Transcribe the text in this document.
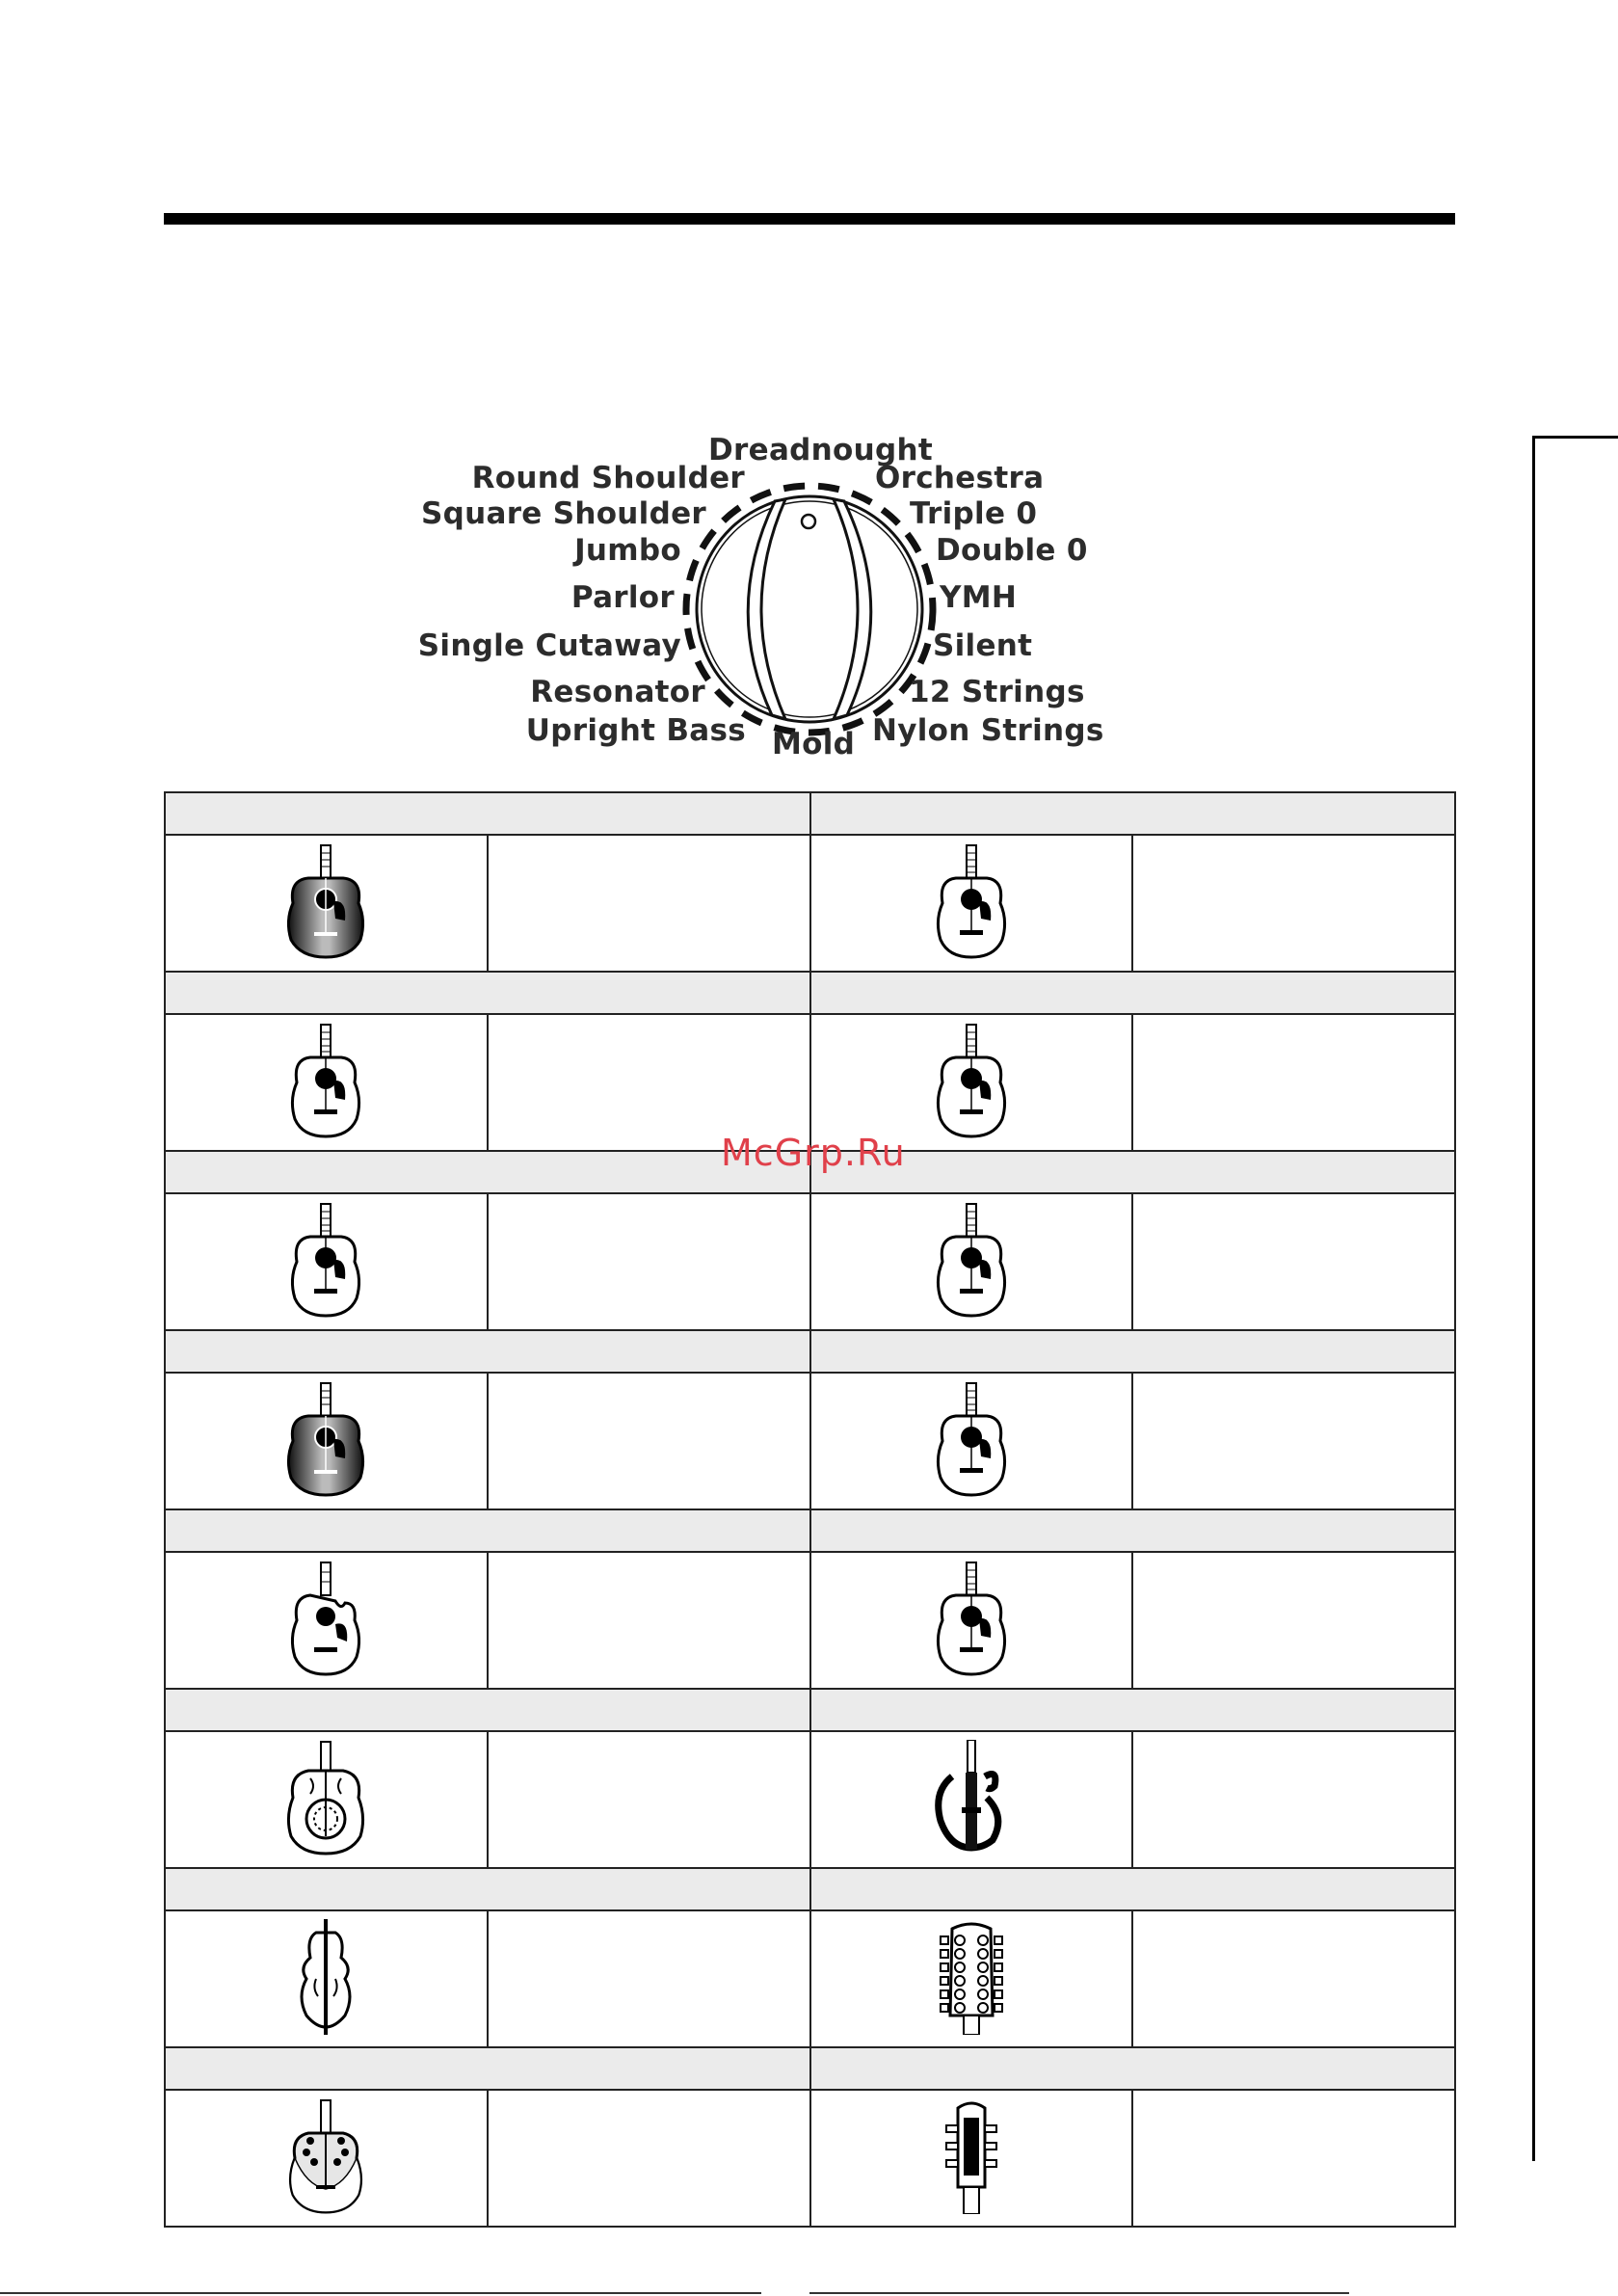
Dreadnought
Orchestra
Triple 0
Double 0
YMH
Silent
12 Strings
Nylon Strings
Mold
Upright Bass
Resonator
Single Cutaway
Parlor
Jumbo
Square Shoulder
Round Shoulder

McGrp.Ru
